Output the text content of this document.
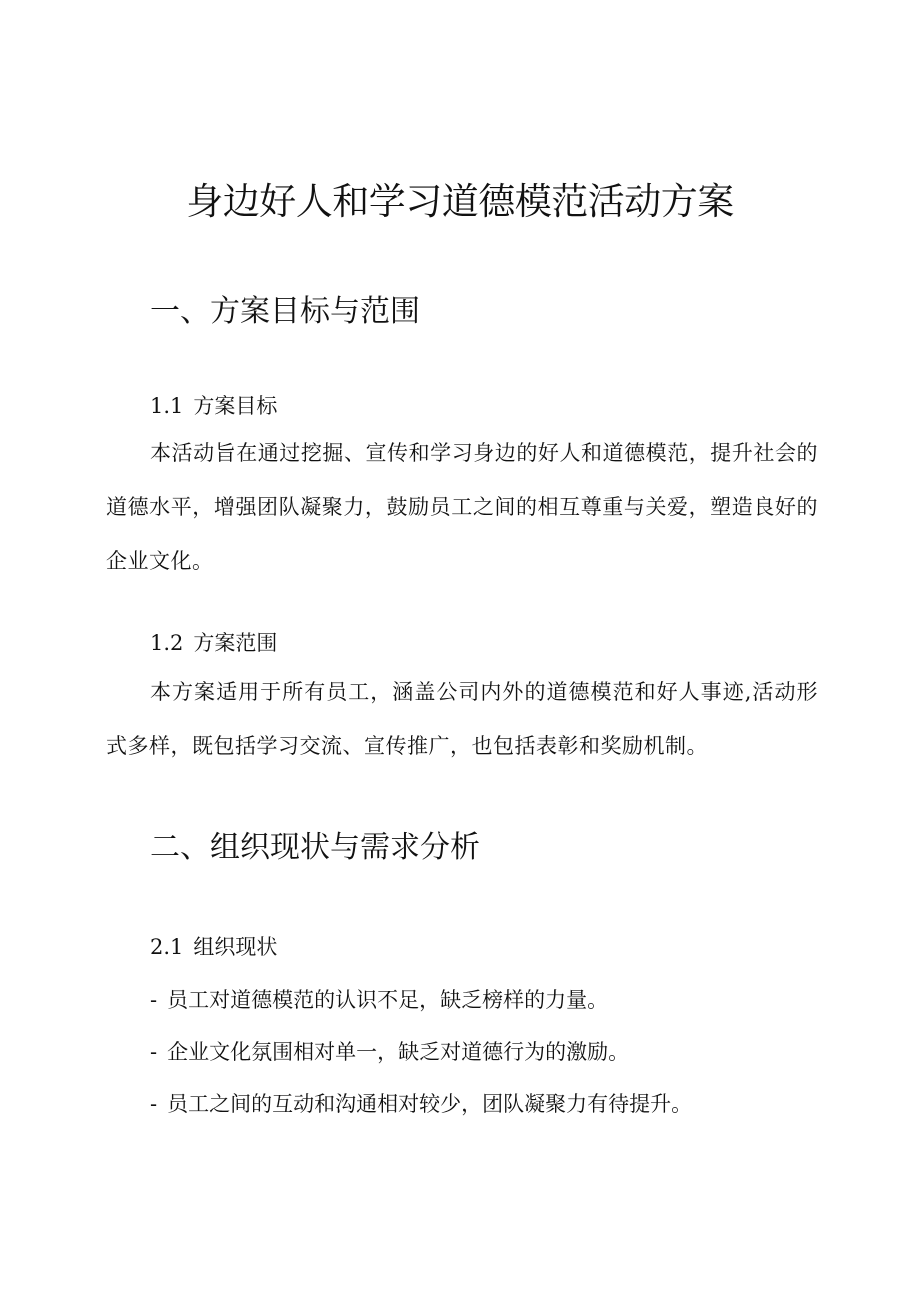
身边好人和学习道德模范活动方案
一、方案目标与范围
1.1 方案目标

本活动旨在通过挖掘、宣传和学习身边的好人和道德模范，提升社会的道德水平，增强团队凝聚力，鼓励员工之间的相互尊重与关爱，塑造良好的企业文化。

1.2 方案范围

本方案适用于所有员工，涵盖公司内外的道德模范和好人事迹,活动形式多样，既包括学习交流、宣传推广，也包括表彰和奖励机制。

二、组织现状与需求分析
2.1 组织现状
- 员工对道德模范的认识不足，缺乏榜样的力量。
- 企业文化氛围相对单一，缺乏对道德行为的激励。
- 员工之间的互动和沟通相对较少，团队凝聚力有待提升。
